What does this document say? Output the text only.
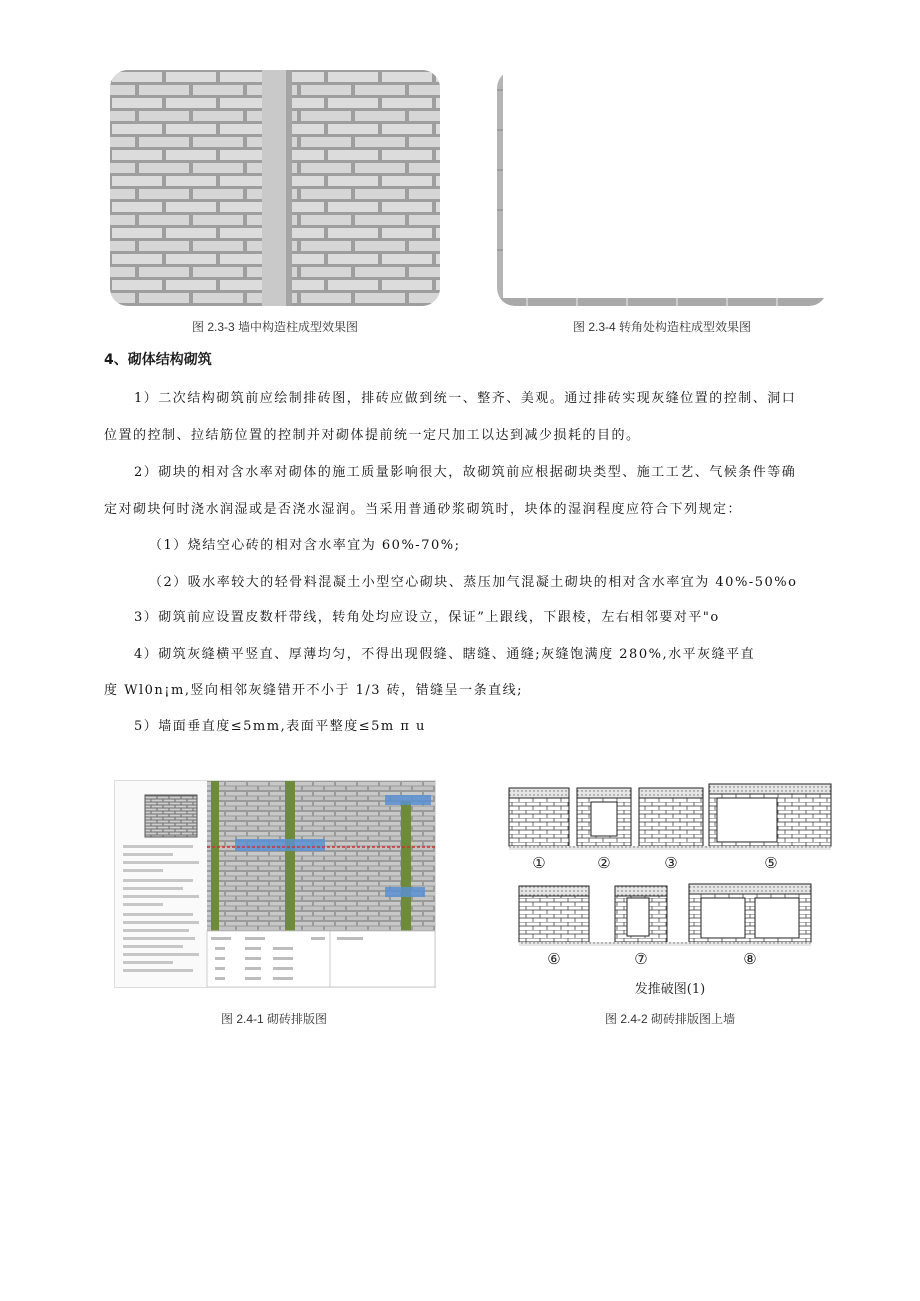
图 2.3-3 墙中构造柱成型效果图	图 2.3-4 转角处构造柱成型效果图
4、砌体结构砌筑
1）二次结构砌筑前应绘制排砖图，排砖应做到统一、整齐、美观。通过排砖实现灰缝位置的控制、洞口
位置的控制、拉结筋位置的控制并对砌体提前统一定尺加工以达到减少损耗的目的。
2）砌块的相对含水率对砌体的施工质量影响很大，故砌筑前应根据砌块类型、施工工艺、气候条件等确
定对砌块何时浇水润湿或是否浇水湿润。当采用普通砂浆砌筑时，块体的湿润程度应符合下列规定：
（1）烧结空心砖的相对含水率宜为 60%-70%;
（2）吸水率较大的轻骨料混凝土小型空心砌块、蒸压加气混凝土砌块的相对含水率宜为 40%-50%o
3）砌筑前应设置皮数杆带线，转角处均应设立，保证”上跟线，下跟棱，左右相邻要对平"o
4）砌筑灰缝横平竖直、厚薄均匀，不得出现假缝、瞎缝、通缝;灰缝饱满度 280%,水平灰缝平直
度 Wl0n¡m,竖向相邻灰缝错开不小于 1/3 砖，错缝呈一条直线;
5）墙面垂直度≤5mm,表面平整度≤5m π u
①	②	③	⑤
⑥	⑦	⑧
发推破图(1)
图 2.4-1 砌砖排版图	图 2.4-2 砌砖排版图上墙
